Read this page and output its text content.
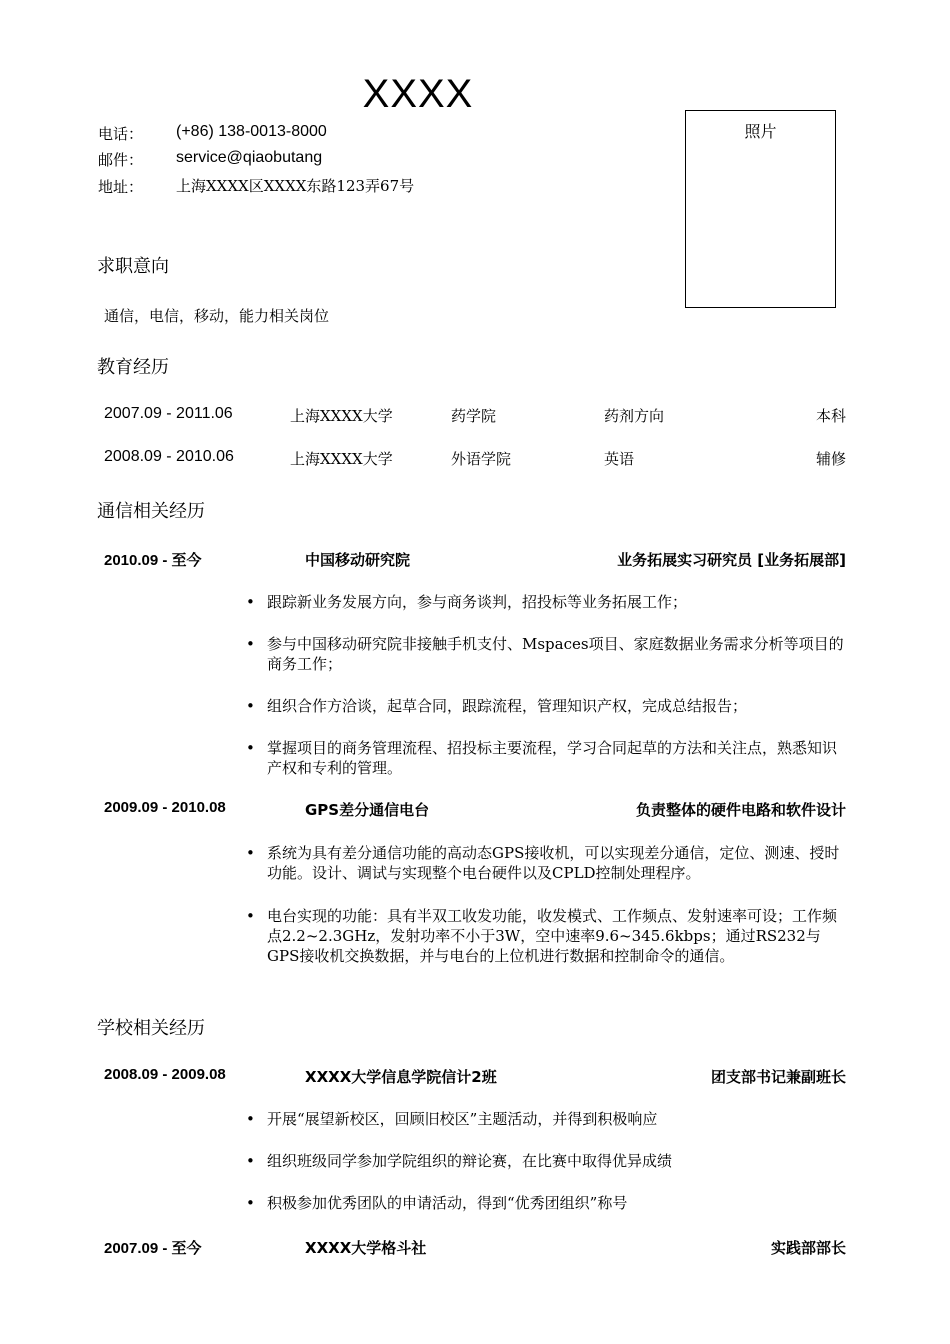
XXXX
电话： (+86) 138-0013-8000
邮件： service@qiaobutang
地址： 上海XXXX区XXXX东路123弄67号
照片
求职意向
通信，电信，移动，能力相关岗位
教育经历
2007.09 - 2011.06	上海XXXX大学	药学院	药剂方向	本科
2008.09 - 2010.06	上海XXXX大学	外语学院	英语	辅修
通信相关经历
2010.09 - 至今	中国移动研究院	业务拓展实习研究员 [业务拓展部]
• 跟踪新业务发展方向，参与商务谈判，招投标等业务拓展工作；
• 参与中国移动研究院非接触手机支付、Mspaces项目、家庭数据业务需求分析等项目的商务工作；
• 组织合作方洽谈，起草合同，跟踪流程，管理知识产权，完成总结报告；
• 掌握项目的商务管理流程、招投标主要流程，学习合同起草的方法和关注点，熟悉知识产权和专利的管理。
2009.09 - 2010.08	GPS差分通信电台	负责整体的硬件电路和软件设计
• 系统为具有差分通信功能的高动态GPS接收机，可以实现差分通信，定位、测速、授时功能。设计、调试与实现整个电台硬件以及CPLD控制处理程序。
• 电台实现的功能：具有半双工收发功能，收发模式、工作频点、发射速率可设；工作频点2.2~2.3GHz，发射功率不小于3W，空中速率9.6~345.6kbps；通过RS232与GPS接收机交换数据，并与电台的上位机进行数据和控制命令的通信。
学校相关经历
2008.09 - 2009.08	XXXX大学信息学院信计2班	团支部书记兼副班长
• 开展“展望新校区，回顾旧校区”主题活动，并得到积极响应
• 组织班级同学参加学院组织的辩论赛，在比赛中取得优异成绩
• 积极参加优秀团队的申请活动，得到“优秀团组织”称号
2007.09 - 至今	XXXX大学格斗社	实践部部长
